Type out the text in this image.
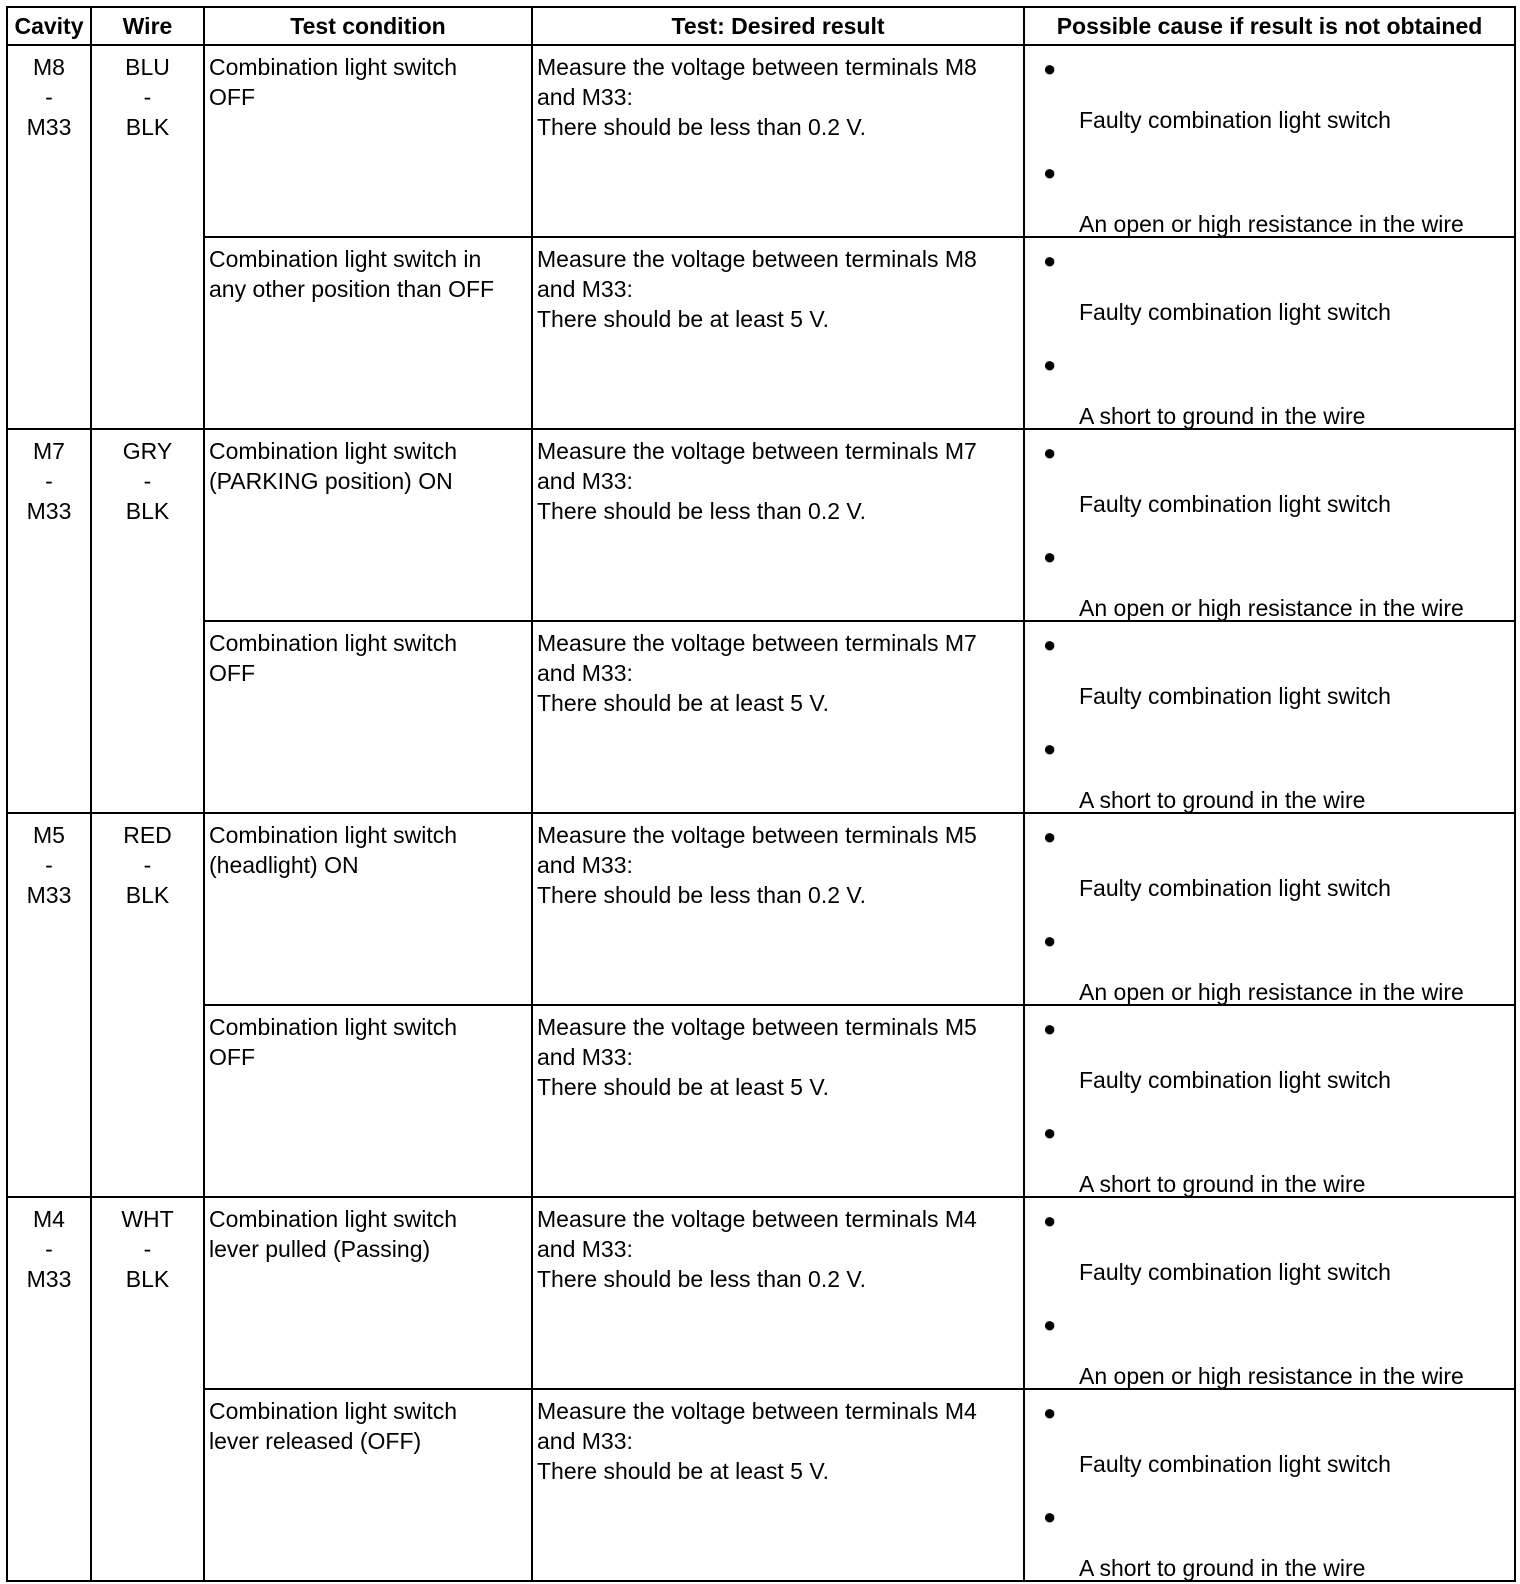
Cavity	Wire	Test condition	Test: Desired result	Possible cause if result is not obtained

M8
-
M33	BLU
-
BLK	Combination light switch
OFF	Measure the voltage between terminals M8
and M33:
There should be less than 0.2 V.	●
Faulty combination light switch
●
An open or high resistance in the wire

		Combination light switch in
any other position than OFF	Measure the voltage between terminals M8
and M33:
There should be at least 5 V.	●
Faulty combination light switch
●
A short to ground in the wire

M7
-
M33	GRY
-
BLK	Combination light switch
(PARKING position) ON	Measure the voltage between terminals M7
and M33:
There should be less than 0.2 V.	●
Faulty combination light switch
●
An open or high resistance in the wire

		Combination light switch
OFF	Measure the voltage between terminals M7
and M33:
There should be at least 5 V.	●
Faulty combination light switch
●
A short to ground in the wire

M5
-
M33	RED
-
BLK	Combination light switch
(headlight) ON	Measure the voltage between terminals M5
and M33:
There should be less than 0.2 V.	●
Faulty combination light switch
●
An open or high resistance in the wire

		Combination light switch
OFF	Measure the voltage between terminals M5
and M33:
There should be at least 5 V.	●
Faulty combination light switch
●
A short to ground in the wire

M4
-
M33	WHT
-
BLK	Combination light switch
lever pulled (Passing)	Measure the voltage between terminals M4
and M33:
There should be less than 0.2 V.	●
Faulty combination light switch
●
An open or high resistance in the wire

		Combination light switch
lever released (OFF)	Measure the voltage between terminals M4
and M33:
There should be at least 5 V.	●
Faulty combination light switch
●
A short to ground in the wire
